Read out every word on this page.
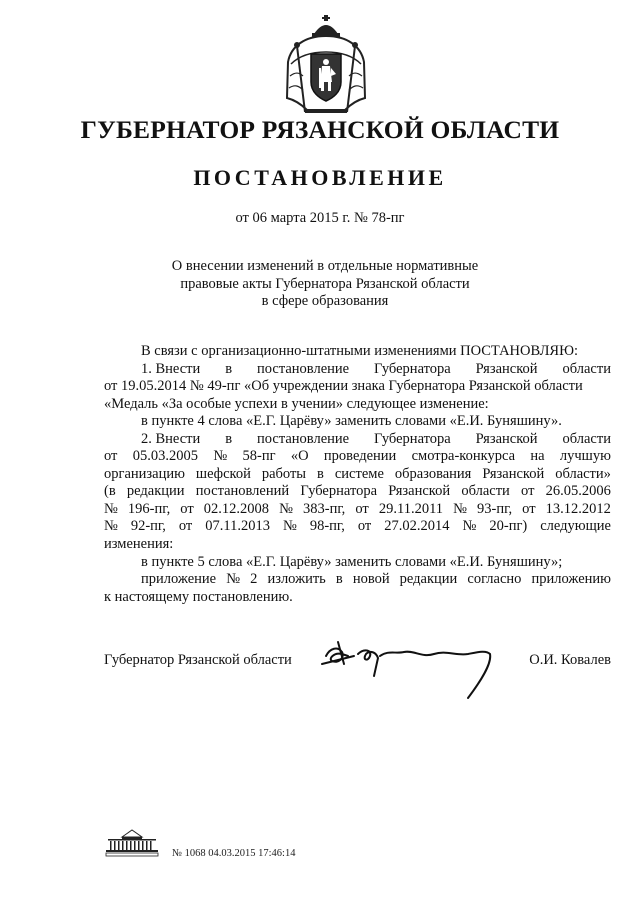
ГУБЕРНАТОР РЯЗАНСКОЙ ОБЛАСТИ
ПОСТАНОВЛЕНИЕ
от 06 марта 2015 г. № 78-пг
О внесении изменений в отдельные нормативные
правовые акты Губернатора Рязанской области
в сфере образования
В связи с организационно-штатными изменениями ПОСТАНОВЛЯЮ:
1. Внести в постановление Губернатора Рязанской области
от 19.05.2014 № 49-пг «Об учреждении знака Губернатора Рязанской области
«Медаль «За особые успехи в учении» следующее изменение:
в пункте 4 слова «Е.Г. Царёву» заменить словами «Е.И. Буняшину».
2. Внести в постановление Губернатора Рязанской области
от 05.03.2005 № 58-пг «О проведении смотра-конкурса на лучшую
организацию шефской работы в системе образования Рязанской области»
(в редакции постановлений Губернатора Рязанской области от 26.05.2006
№ 196-пг, от 02.12.2008 № 383-пг, от 29.11.2011 № 93-пг, от 13.12.2012
№ 92-пг, от 07.11.2013 № 98-пг, от 27.02.2014 № 20-пг) следующие
изменения:
в пункте 5 слова «Е.Г. Царёву» заменить словами «Е.И. Буняшину»;
приложение № 2 изложить в новой редакции согласно приложению
к настоящему постановлению.
Губернатор Рязанской области	О.И. Ковалев
№ 1068 04.03.2015 17:46:14
